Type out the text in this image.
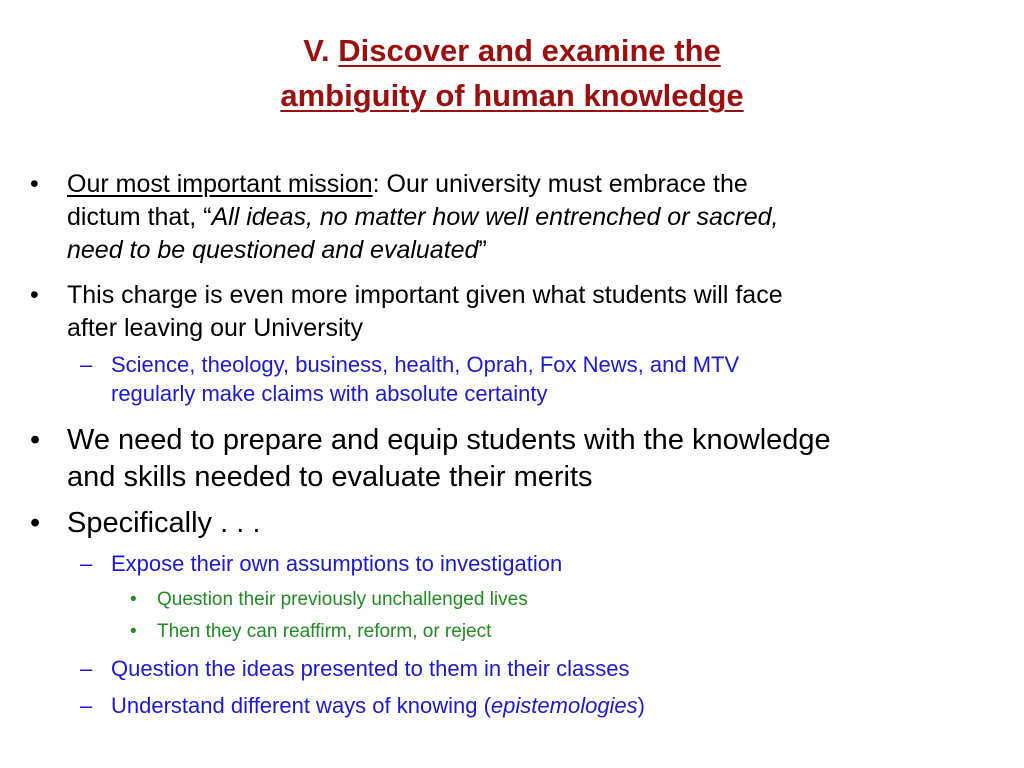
V. Discover and examine the
ambiguity of human knowledge
• Our most important mission: Our university must embrace the
dictum that, “All ideas, no matter how well entrenched or sacred,
need to be questioned and evaluated”
• This charge is even more important given what students will face
after leaving our University
– Science, theology, business, health, Oprah, Fox News, and MTV
regularly make claims with absolute certainty
• We need to prepare and equip students with the knowledge
and skills needed to evaluate their merits
• Specifically . . .
– Expose their own assumptions to investigation
• Question their previously unchallenged lives
• Then they can reaffirm, reform, or reject
– Question the ideas presented to them in their classes
– Understand different ways of knowing (epistemologies)
